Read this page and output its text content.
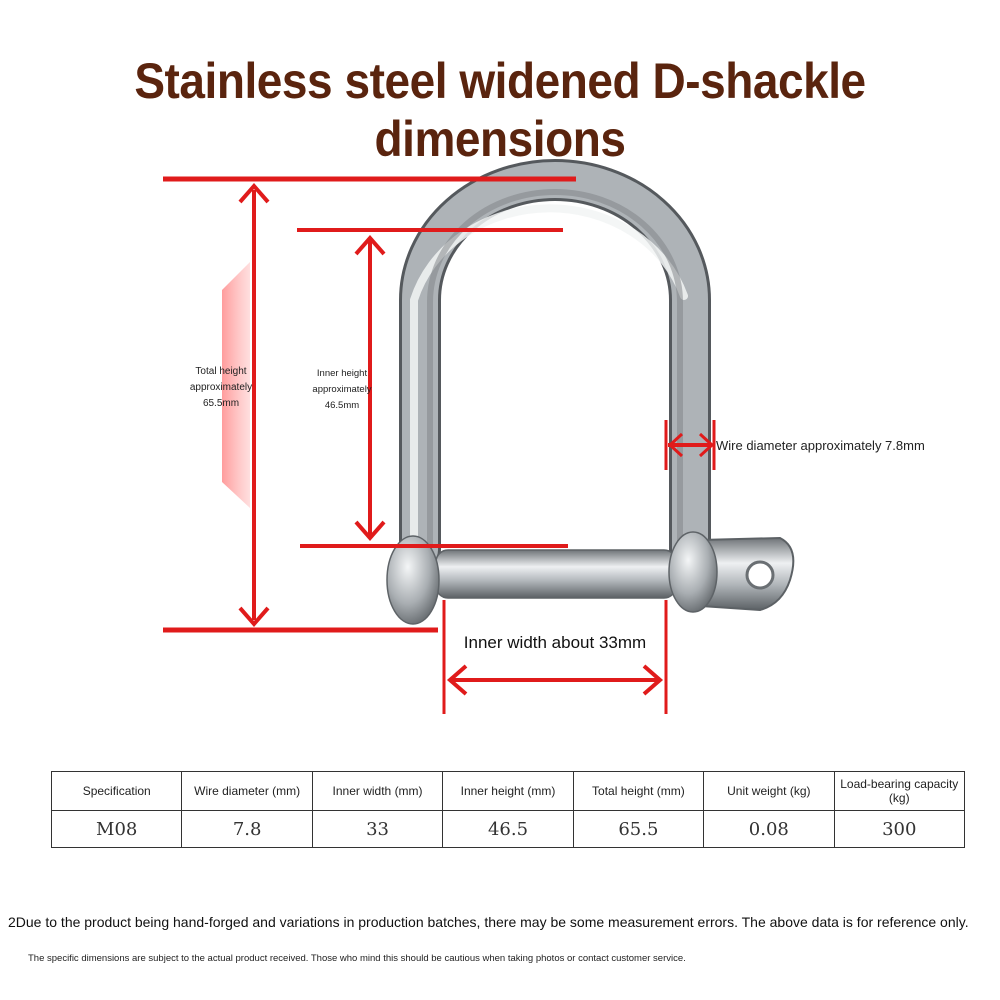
Stainless steel widened D-shackle dimensions
Total height
approximately
65.5mm
Inner height
approximately
46.5mm
Wire diameter approximately 7.8mm
Inner width about 33mm
Specification	Wire diameter (mm)	Inner width (mm)	Inner height (mm)	Total height (mm)	Unit weight (kg)	Load-bearing capacity (kg)
M08	7.8	33	46.5	65.5	0.08	300
2Due to the product being hand-forged and variations in production batches, there may be some measurement errors. The above data is for reference only.
The specific dimensions are subject to the actual product received. Those who mind this should be cautious when taking photos or contact customer service.
